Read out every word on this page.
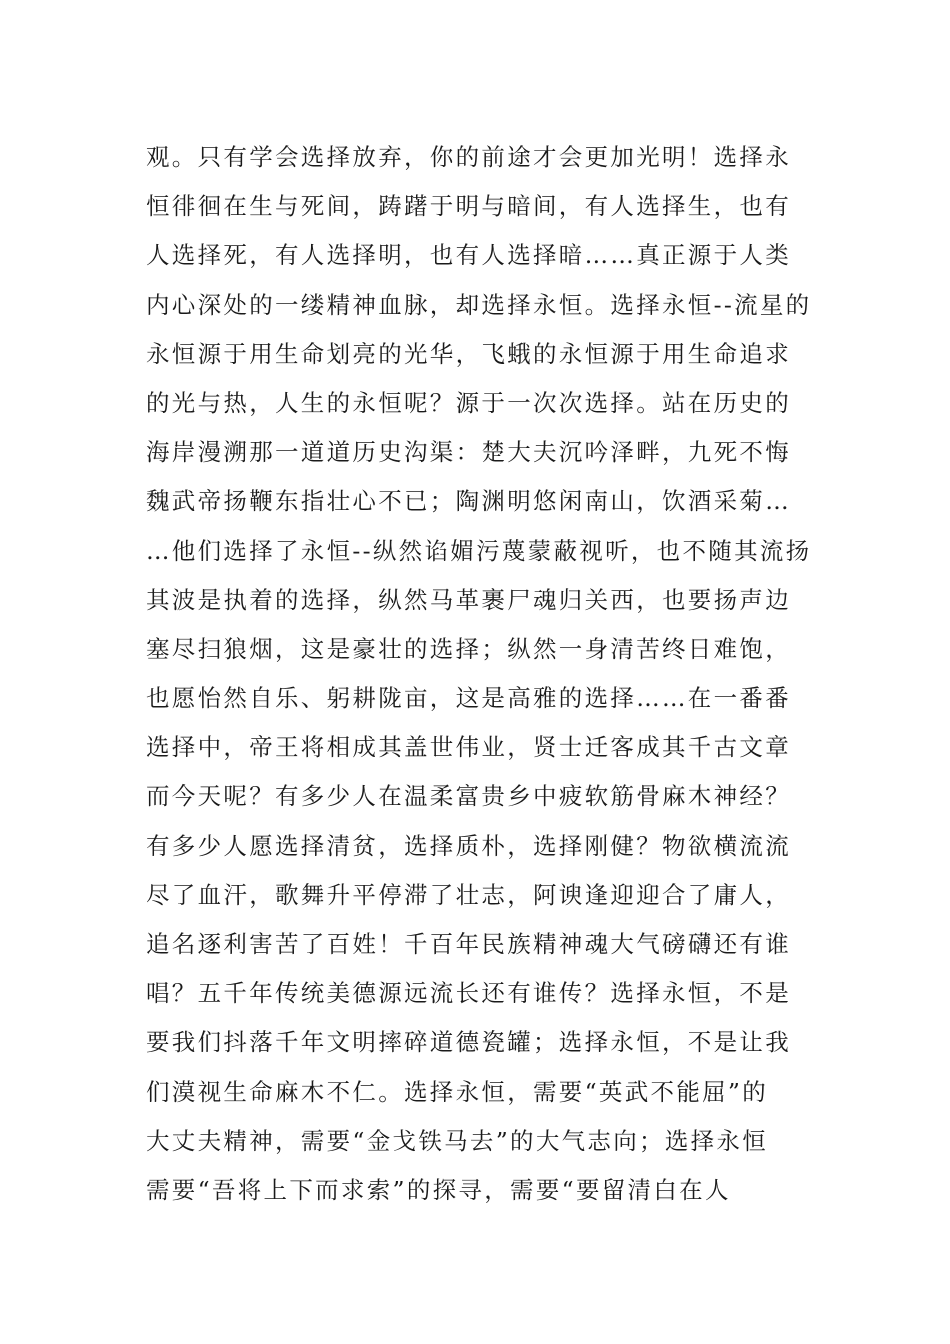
观。只有学会选择放弃，你的前途才会更加光明！选择永
恒徘徊在生与死间，踌躇于明与暗间，有人选择生，也有
人选择死，有人选择明，也有人选择暗……真正源于人类
内心深处的一缕精神血脉，却选择永恒。选择永恒--流星的
永恒源于用生命划亮的光华，飞蛾的永恒源于用生命追求
的光与热，人生的永恒呢？源于一次次选择。站在历史的
海岸漫溯那一道道历史沟渠：楚大夫沉吟泽畔，九死不悔
魏武帝扬鞭东指壮心不已；陶渊明悠闲南山，饮酒采菊…
…他们选择了永恒--纵然谄媚污蔑蒙蔽视听，也不随其流扬
其波是执着的选择，纵然马革裹尸魂归关西，也要扬声边
塞尽扫狼烟，这是豪壮的选择；纵然一身清苦终日难饱，
也愿怡然自乐、躬耕陇亩，这是高雅的选择……在一番番
选择中，帝王将相成其盖世伟业，贤士迁客成其千古文章
而今天呢？有多少人在温柔富贵乡中疲软筋骨麻木神经？
有多少人愿选择清贫，选择质朴，选择刚健？物欲横流流
尽了血汗，歌舞升平停滞了壮志，阿谀逢迎迎合了庸人，
追名逐利害苦了百姓！千百年民族精神魂大气磅礴还有谁
唱？五千年传统美德源远流长还有谁传？选择永恒，不是
要我们抖落千年文明摔碎道德瓷罐；选择永恒，不是让我
们漠视生命麻木不仁。选择永恒，需要“英武不能屈”的
大丈夫精神，需要“金戈铁马去”的大气志向；选择永恒
需要“吾将上下而求索”的探寻，需要“要留清白在人
